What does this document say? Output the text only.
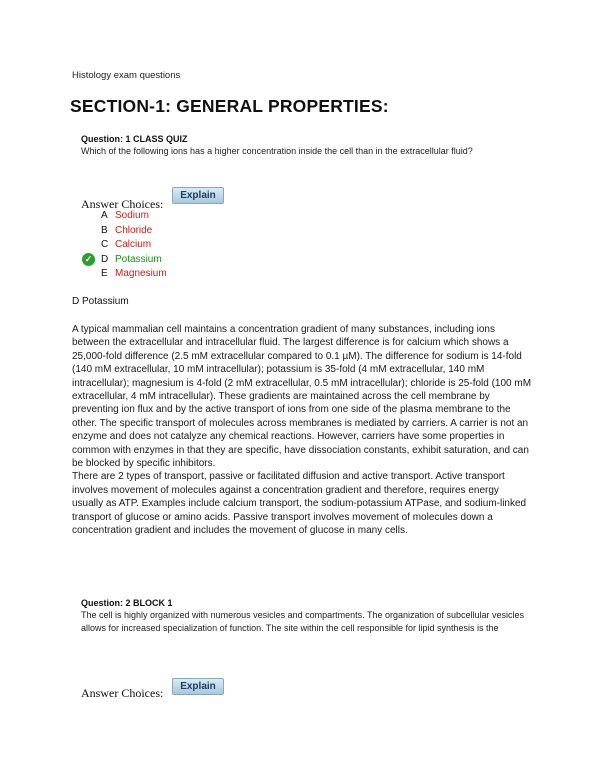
Histology exam questions
SECTION-1: GENERAL PROPERTIES:
Question: 1 CLASS QUIZ
Which of the following ions has a higher concentration inside the cell than in the extracellular fluid?
Answer Choices:
Explain
A Sodium
B Chloride
C Calcium
✓ D Potassium
E Magnesium
D Potassium

A typical mammalian cell maintains a concentration gradient of many substances, including ions between the extracellular and intracellular fluid. The largest difference is for calcium which shows a 25,000-fold difference (2.5 mM extracellular compared to 0.1 µM). The difference for sodium is 14-fold (140 mM extracellular, 10 mM intracellular); potassium is 35-fold (4 mM extracellular, 140 mM intracellular); magnesium is 4-fold (2 mM extracellular, 0.5 mM intracellular); chloride is 25-fold (100 mM extracellular, 4 mM intracellular). These gradients are maintained across the cell membrane by preventing ion flux and by the active transport of ions from one side of the plasma membrane to the other. The specific transport of molecules across membranes is mediated by carriers. A carrier is not an enzyme and does not catalyze any chemical reactions. However, carriers have some properties in common with enzymes in that they are specific, have dissociation constants, exhibit saturation, and can be blocked by specific inhibitors.

There are 2 types of transport, passive or facilitated diffusion and active transport. Active transport involves movement of molecules against a concentration gradient and therefore, requires energy usually as ATP. Examples include calcium transport, the sodium-potassium ATPase, and sodium-linked transport of glucose or amino acids. Passive transport involves movement of molecules down a concentration gradient and includes the movement of glucose in many cells.

Question: 2 BLOCK 1
The cell is highly organized with numerous vesicles and compartments. The organization of subcellular vesicles allows for increased specialization of function. The site within the cell responsible for lipid synthesis is the
Answer Choices:	Explain
